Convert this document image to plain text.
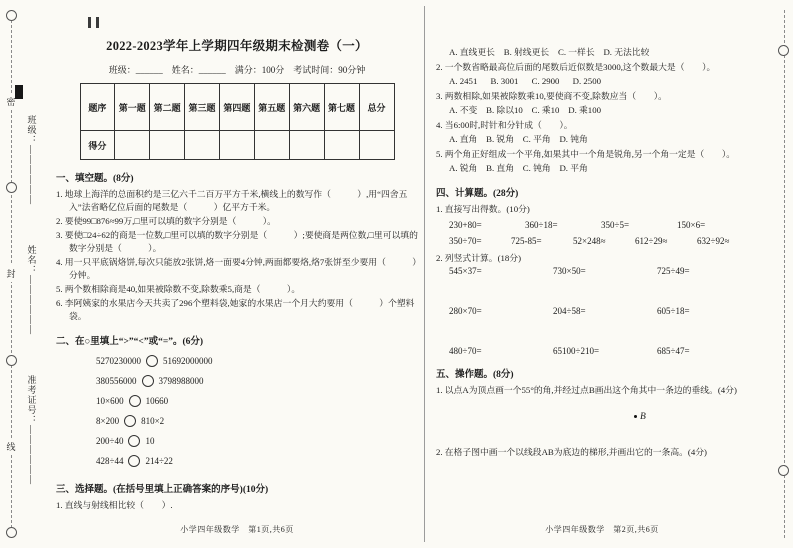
密
封
线
班级：——————
姓名：——————
准考证号：——————
2022-2023学年上学期四年级期末检测卷（一）
班级：______    姓名：______    满分：100分    考试时间：90分钟
题序	第一题	第二题	第三题	第四题	第五题	第六题	第七题	总分
得分								
一、填空题。(8分)
1. 地球上海洋的总面积约是三亿六千二百万平方千米,横线上的数写作（　　　）,用“四舍五入”法省略亿位后面的尾数是（　　　）亿平方千米。
2. 要使99□876≈99万,□里可以填的数字分别是（　　　）。
3. 要使□24÷62的商是一位数,□里可以填的数字分别是（　　　）;要使商是两位数,□里可以填的数字分别是（　　　）。
4. 用一只平底锅烙饼,每次只能放2张饼,烙一面要4分钟,两面都要烙,烙7张饼至少要用（　　　）分钟。
5. 两个数相除商是40,如果被除数不变,除数乘5,商是（　　　）。
6. 李阿姨家的水果店今天共卖了296个塑料袋,她家的水果店一个月大约要用（　　　）个塑料袋。
二、在○里填上“>”“<”或“=”。(6分)
5270230000 51692000000
380556000 3798988000
10×600 10660
8×200 810×2
200÷40 10
428÷44 214÷22
三、选择题。(在括号里填上正确答案的序号)(10分)
1. 直线与射线相比较（　　）.
小学四年级数学　第1页,共6页
A. 直线更长    B. 射线更长    C. 一样长    D. 无法比较
2. 一个数省略最高位后面的尾数后近似数是3000,这个数最大是（　　）。
A. 2451      B. 3001      C. 2900      D. 2500
3. 两数相除,如果被除数乘10,要使商不变,除数应当（　　）。
A. 不变    B. 除以10    C. 乘10    D. 乘100
4. 当6:00时,时针和分针成（　　）。
A. 直角    B. 锐角    C. 平角    D. 钝角
5. 两个角正好组成一个平角,如果其中一个角是锐角,另一个角一定是（　　）。
A. 锐角    B. 直角    C. 钝角    D. 平角
四、计算题。(28分)
1. 直接写出得数。(10分)
230+80=	360÷18=	350÷5=	150×6=
350÷70=	725-85=	52×248≈	612÷29≈	632÷92≈
2. 列竖式计算。(18分)
545×37=	730×50=	725÷49=
280×70=	204÷58=	605÷18=
480÷70=	65100÷210=	685÷47=
五、操作题。(8分)
1. 以点A为顶点画一个55°的角,并经过点B画出这个角其中一条边的垂线。(4分)
B
2. 在格子图中画一个以线段AB为底边的梯形,并画出它的一条高。(4分)
小学四年级数学　第2页,共6页
